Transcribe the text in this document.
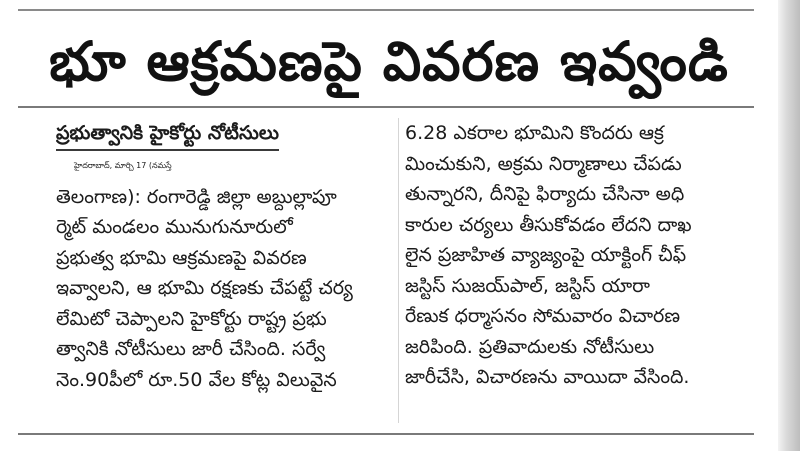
భూ ఆక్రమణపై వివరణ ఇవ్వండి
ప్రభుత్వానికి హైకోర్టు నోటీసులు
హైదరాబాద్, మార్చి 17 (నమస్తే
తెలంగాణ): రంగారెడ్డి జిల్లా అబ్దుల్లాపూ
ర్మెట్ మండలం మునుగునూరులో
ప్రభుత్వ భూమి ఆక్రమణపై వివరణ
ఇవ్వాలని, ఆ భూమి రక్షణకు చేపట్టే చర్య
లేమిటో చెప్పాలని హైకోర్టు రాష్ట్ర ప్రభు
త్వానికి నోటీసులు జారీ చేసింది. సర్వే
నెం.90పీలో రూ.50 వేల కోట్ల విలువైన
6.28 ఎకరాల భూమిని కొందరు ఆక్ర
మించుకుని, అక్రమ నిర్మాణాలు చేపడు
తున్నారని, దీనిపై ఫిర్యాదు చేసినా అధి
కారుల చర్యలు తీసుకోవడం లేదని దాఖ
లైన ప్రజాహిత వ్యాజ్యంపై యాక్టింగ్ చీఫ్
జస్టిస్ సుజయ్‌పాల్, జస్టిస్ యారా
రేణుక ధర్మాసనం సోమవారం విచారణ
జరిపింది. ప్రతివాదులకు నోటీసులు
జారీచేసి, విచారణను వాయిదా వేసింది.
